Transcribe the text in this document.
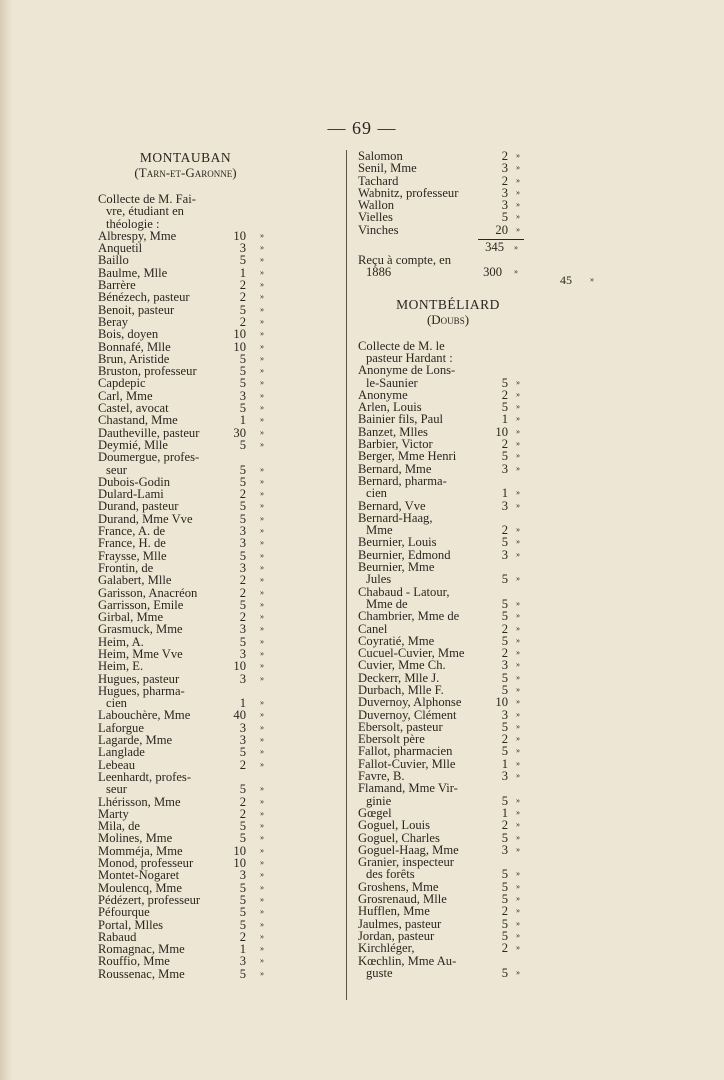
— 69 —
MONTAUBAN
(Tarn-et-Garonne)
Collecte de M. Fai-
vre, étudiant en
théologie :
Albrespy, Mme	10 »
Anquetil	3 »
Baillo	5 »
Baulme, Mlle	1 »
Barrère	2 »
Bénézech, pasteur	2 »
Benoit, pasteur	5 »
Beray	2 »
Bois, doyen	10 »
Bonnafé, Mlle	10 »
Brun, Aristide	5 »
Bruston, professeur	5 »
Capdepic	5 »
Carl, Mme	3 »
Castel, avocat	5 »
Chastand, Mme	1 »
Dautheville, pasteur	30 »
Deymié, Mlle	5 »
Doumergue, profes-
seur	5 »
Dubois-Godin	5 »
Dulard-Lami	2 »
Durand, pasteur	5 »
Durand, Mme Vve	5 »
France, A. de	3 »
France, H. de	3 »
Fraysse, Mlle	5 »
Frontin, de	3 »
Galabert, Mlle	2 »
Garisson, Anacréon	2 »
Garrisson, Emile	5 »
Girbal, Mme	2 »
Grasmuck, Mme	3 »
Heim, A.	5 »
Heim, Mme Vve	3 »
Heim, E.	10 »
Hugues, pasteur	3 »
Hugues, pharma-
cien	1 »
Labouchère, Mme	40 »
Laforgue	3 »
Lagarde, Mme	3 »
Langlade	5 »
Lebeau	2 »
Leenhardt, profes-
seur	5 »
Lhérisson, Mme	2 »
Marty	2 »
Mila, de	5 »
Molines, Mme	5 »
Momméja, Mme	10 »
Monod, professeur	10 »
Montet-Nogaret	3 »
Moulencq, Mme	5 »
Pédézert, professeur	5 »
Péfourque	5 »
Portal, Mlles	5 »
Rabaud	2 »
Romagnac, Mme	1 »
Rouffio, Mme	3 »
Roussenac, Mme	5 »
Salomon	2 »
Senil, Mme	3 »
Tachard	2 »
Wabnitz, professeur	3 »
Wallon	3 »
Vielles	5 »
Vinches	20 »
345 »
Reçu à compte, en
1886	300 »
MONTBÉLIARD
(Doubs)
Collecte de M. le
pasteur Hardant :
Anonyme de Lons-
le-Saunier	5 »
Anonyme	2 »
Arlen, Louis	5 »
Bainier fils, Paul	1 »
Banzet, Mlles	10 »
Barbier, Victor	2 »
Berger, Mme Henri	5 »
Bernard, Mme	3 »
Bernard, pharma-
cien	1 »
Bernard, Vve	3 »
Bernard-Haag,
Mme	2 »
Beurnier, Louis	5 »
Beurnier, Edmond	3 »
Beurnier, Mme
Jules	5 »
Chabaud - Latour,
Mme de	5 »
Chambrier, Mme de	5 »
Canel	2 »
Coyratié, Mme	5 »
Cucuel-Cuvier, Mme	2 »
Cuvier, Mme Ch.	3 »
Deckerr, Mlle J.	5 »
Durbach, Mlle F.	5 »
Duvernoy, Alphonse	10 »
Duvernoy, Clément	3 »
Ebersolt, pasteur	5 »
Ebersolt père	2 »
Fallot, pharmacien	5 »
Fallot-Cuvier, Mlle	1 »
Favre, B.	3 »
Flamand, Mme Vir-
ginie	5 »
Gœgel	1 »
Goguel, Louis	2 »
Goguel, Charles	5 »
Goguel-Haag, Mme	3 »
Granier, inspecteur
des forêts	5 »
Groshens, Mme	5 »
Grosrenaud, Mlle	5 »
Hufflen, Mme	2 »
Jaulmes, pasteur	5 »
Jordan, pasteur	5 »
Kirchléger,	2 »
Kœchlin, Mme Au-
guste	5 »
45 »
